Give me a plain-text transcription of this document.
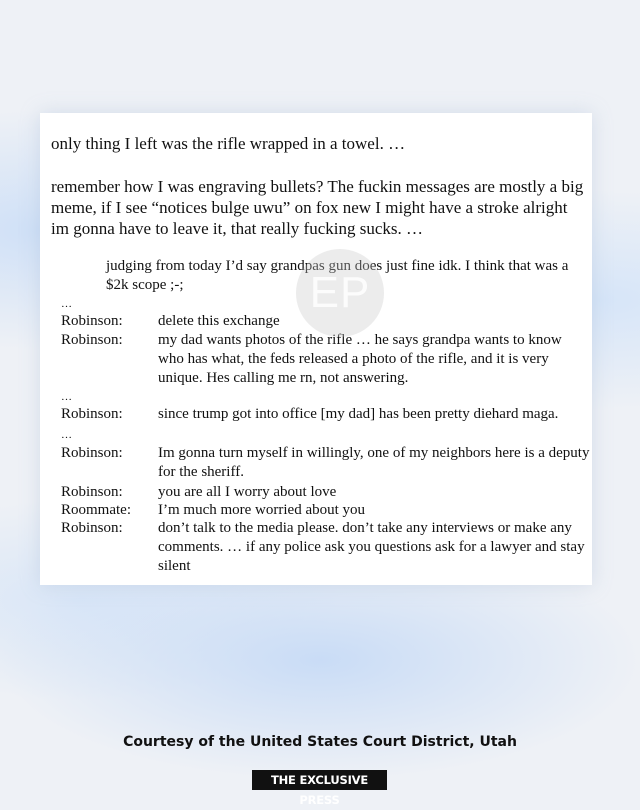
only thing I left was the rifle wrapped in a towel. …

remember how I was engraving bullets? The fuckin messages are mostly a big meme, if I see “notices bulge uwu” on fox new I might have a stroke alright im gonna have to leave it, that really fucking sucks. …

judging from today I’d say grandpas gun does just fine idk. I think that was a $2k scope ;-;

…
Robinson:	delete this exchange
Robinson:	my dad wants photos of the rifle … he says grandpa wants to know who has what, the feds released a photo of the rifle, and it is very unique. Hes calling me rn, not answering.
…
Robinson:	since trump got into office [my dad] has been pretty diehard maga.
…
Robinson:	Im gonna turn myself in willingly, one of my neighbors here is a deputy for the sheriff.
Robinson:	you are all I worry about love
Roommate:	I’m much more worried about you
Robinson:	don’t talk to the media please. don’t take any interviews or make any comments. … if any police ask you questions ask for a lawyer and stay silent
EP
Courtesy of the United States Court District, Utah
THE EXCLUSIVE PRESS
